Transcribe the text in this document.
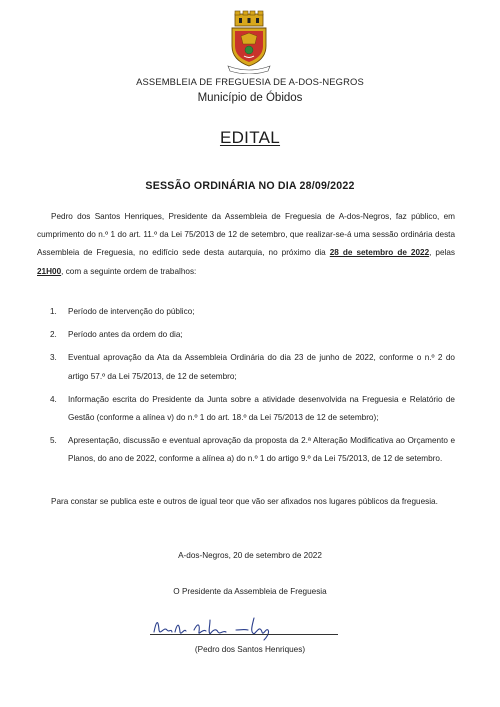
ASSEMBLEIA DE FREGUESIA DE A-DOS-NEGROS
Município de Óbidos
EDITAL
SESSÃO ORDINÁRIA NO DIA 28/09/2022
Pedro dos Santos Henriques, Presidente da Assembleia de Freguesia de A-dos-Negros, faz público, em cumprimento do n.º 1 do art. 11.º da Lei 75/2013 de 12 de setembro, que realizar-se-á uma sessão ordinária desta Assembleia de Freguesia, no edifício sede desta autarquia, no próximo dia 28 de setembro de 2022, pelas 21H00, com a seguinte ordem de trabalhos:
1. Período de intervenção do público;
2. Período antes da ordem do dia;
3. Eventual aprovação da Ata da Assembleia Ordinária do dia 23 de junho de 2022, conforme o n.º 2 do artigo 57.º da Lei 75/2013, de 12 de setembro;
4. Informação escrita do Presidente da Junta sobre a atividade desenvolvida na Freguesia e Relatório de Gestão (conforme a alínea v) do n.º 1 do art. 18.º da Lei 75/2013 de 12 de setembro);
5. Apresentação, discussão e eventual aprovação da proposta da 2.ª Alteração Modificativa ao Orçamento e Planos, do ano de 2022, conforme a alínea a) do n.º 1 do artigo 9.º da Lei 75/2013, de 12 de setembro.
Para constar se publica este e outros de igual teor que vão ser afixados nos lugares públicos da freguesia.
A-dos-Negros, 20 de setembro de 2022
O Presidente da Assembleia de Freguesia
(Pedro dos Santos Henriques)
